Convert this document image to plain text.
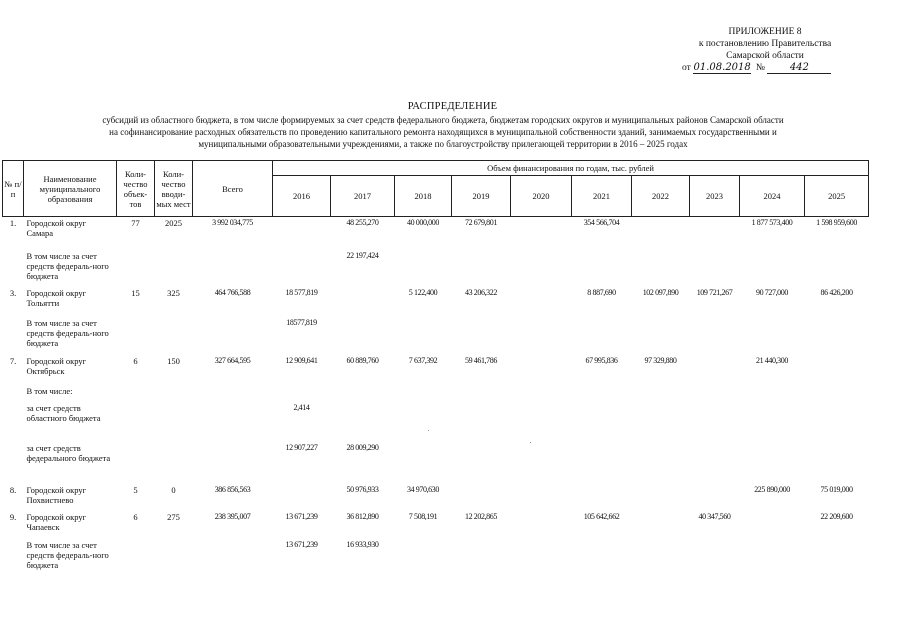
ПРИЛОЖЕНИЕ 8
к постановлению Правительства
Самарской области
от 01.08.2018 № 442
РАСПРЕДЕЛЕНИЕ
субсидий из областного бюджета, в том числе формируемых за счет средств федерального бюджета, бюджетам городских округов и муниципальных районов Самарской области
на софинансирование расходных обязательств по проведению капитального ремонта находящихся в муниципальной собственности зданий, занимаемых государственными и
муниципальными образовательными учреждениями, а также по благоустройству прилегающей территории в 2016 – 2025 годах
№ п/п	Наименование муниципального образования	Коли-чество объек-тов	Коли-чество вводи-мых мест	Всего	Объем финансирования по годам, тыс. рублей									
					2016	2017	2018	2019	2020	2021	2022	2023	2024	2025
1.	Городской округ Самара	77	2025	3 992 034,775		48 255,270	40 000,000	72 679,801		354 566,704			1 877 573,400	1 598 959,600
	В том числе за счет средств федераль-ного бюджета					22 197,424								
3.	Городской округ Тольятти	15	325	464 766,588	18 577,819		5 122,400	43 206,322		8 887,690	102 097,890	109 721,267	90 727,000	86 426,200
	В том числе за счет средств федераль-ного бюджета				18577,819									
7.	Городской округ Октябрьск	6	150	327 664,595	12 909,641	60 889,760	7 637,392	59 461,786		67 995,836	97 329,880		21 440,300	
	В том числе:													
	за счет средств областного бюджета				2,414									
	за счет средств федерального бюджета				12 907,227	28 009,290								
8.	Городской округ Похвистнево	5	0	386 856,563		50 976,933	34 970,630						225 890,000	75 019,000
9.	Городской округ Чапаевск	6	275	238 395,007	13 671,239	36 812,890	7 508,191	12 202,865		105 642,662		40 347,560		22 209,600
	В том числе за счет средств федераль-ного бюджета				13 671,239	16 933,930								
